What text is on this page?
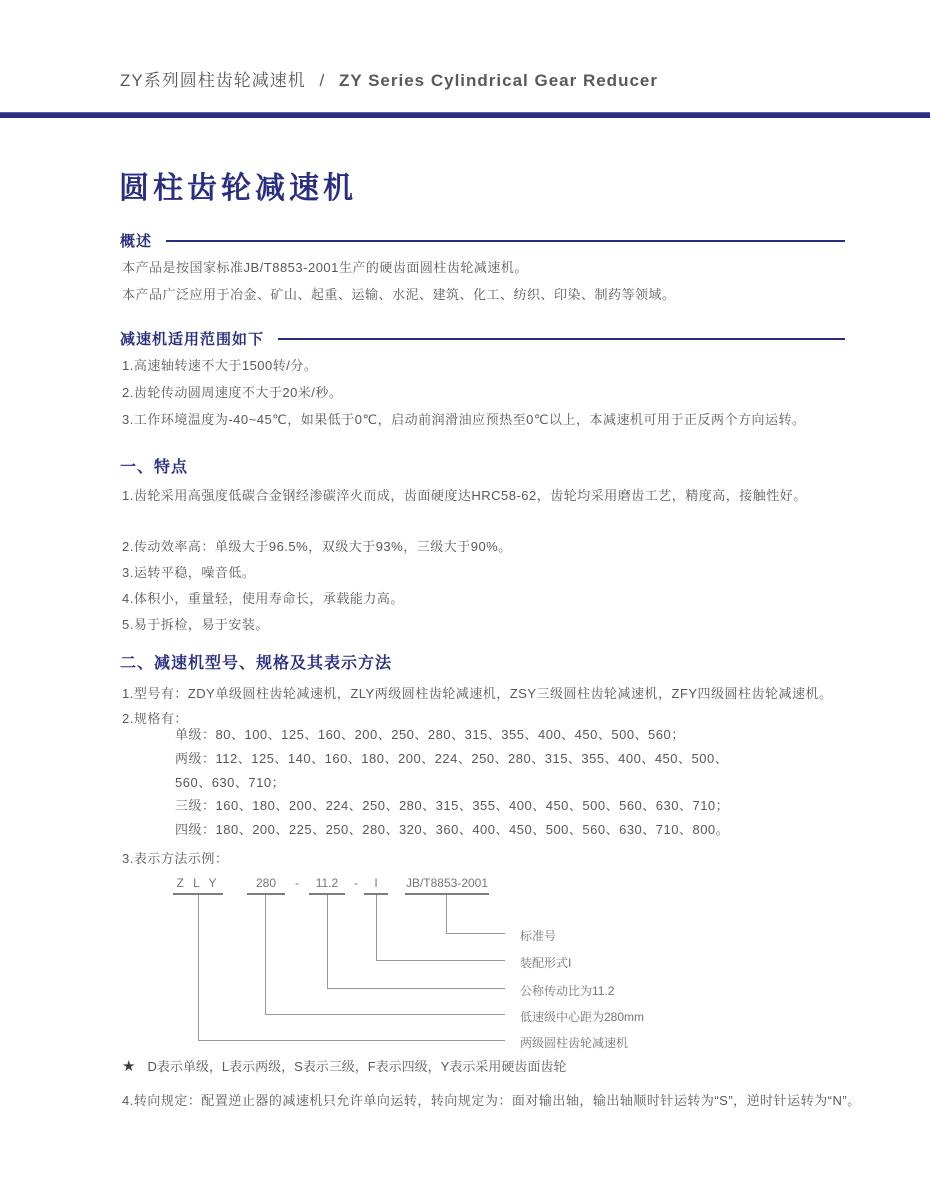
ZY系列圆柱齿轮减速机 / ZY Series Cylindrical Gear Reducer
圆柱齿轮减速机
概述
本产品是按国家标准JB/T8853-2001生产的硬齿面圆柱齿轮减速机。
本产品广泛应用于冶金、矿山、起重、运输、水泥、建筑、化工、纺织、印染、制药等领域。
减速机适用范围如下
1.高速轴转速不大于1500转/分。
2.齿轮传动圆周速度不大于20米/秒。
3.工作环境温度为-40~45℃，如果低于0℃，启动前润滑油应预热至0℃以上，本减速机可用于正反两个方向运转。
一、特点
1.齿轮采用高强度低碳合金钢经渗碳淬火而成，齿面硬度达HRC58-62，齿轮均采用磨齿工艺，精度高，接触性好。
2.传动效率高：单级大于96.5%，双级大于93%，三级大于90%。
3.运转平稳，噪音低。
4.体积小，重量轻，使用寿命长，承载能力高。
5.易于拆检，易于安装。
二、减速机型号、规格及其表示方法
1.型号有：ZDY单级圆柱齿轮减速机，ZLY两级圆柱齿轮减速机，ZSY三级圆柱齿轮减速机，ZFY四级圆柱齿轮减速机。
2.规格有：
单级：80、100、125、160、200、250、280、315、355、400、450、500、560；
两级：112、125、140、160、180、200、224、250、280、315、355、400、450、500、
560、630、710；
三级：160、180、200、224、250、280、315、355、400、450、500、560、630、710；
四级：180、200、225、250、280、320、360、400、450、500、560、630、710、800。
3.表示方法示例：
Z L Y	280	-	11.2	-	I	JB/T8853-2001
标准号
装配形式I
公称传动比为11.2
低速级中心距为280mm
两级圆柱齿轮减速机
★ D表示单级，L表示两级，S表示三级，F表示四级，Y表示采用硬齿面齿轮
4.转向规定：配置逆止器的减速机只允许单向运转，转向规定为：面对输出轴，输出轴顺时针运转为“S”，逆时针运转为“N”。
